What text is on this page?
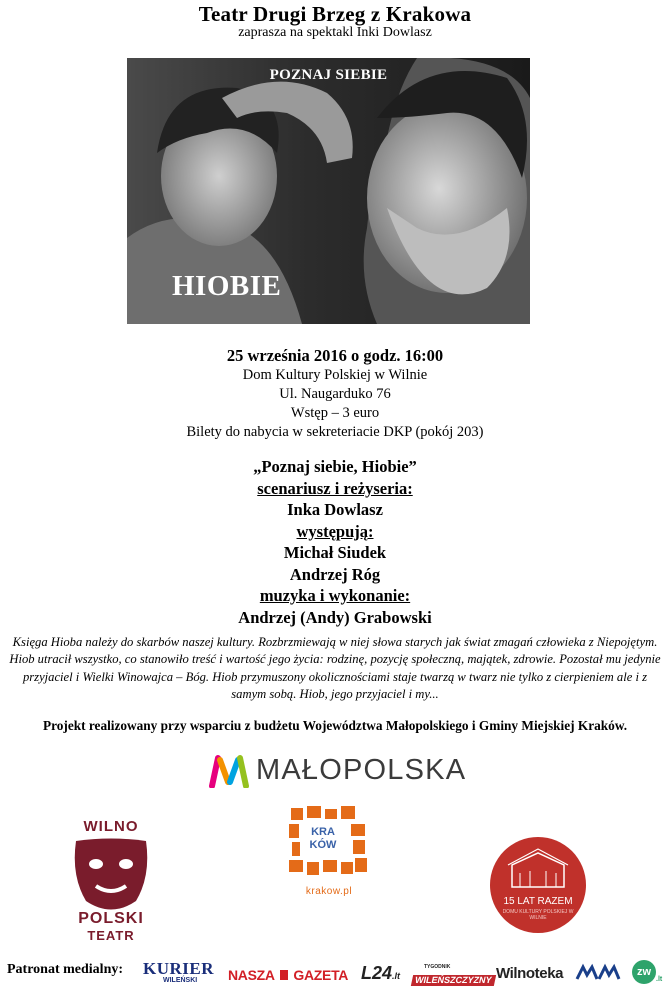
Teatr Drugi Brzeg z Krakowa
zaprasza na spektakl Inki Dowlasz
POZNAJ SIEBIE
HIOBIE
25 września 2016 o godz. 16:00
Dom Kultury Polskiej w Wilnie
Ul. Naugarduko 76
Wstęp – 3 euro
Bilety do nabycia w sekreteriacie DKP (pokój 203)
„Poznaj siebie, Hiobie”
scenariusz i reżyseria:
Inka Dowlasz
występują:
Michał Siudek
Andrzej Róg
muzyka i wykonanie:
Andrzej (Andy) Grabowski
Księga Hioba należy do skarbów naszej kultury. Rozbrzmiewają w niej słowa starych jak świat zmagań człowieka z Niepojętym. Hiob utracił wszystko, co stanowiło treść i wartość jego życia: rodzinę, pozycję społeczną, majątek, zdrowie. Pozostał mu jedynie przyjaciel i Wielki Winowajca – Bóg. Hiob przymuszony okolicznościami staje twarzą w twarz nie tylko z cierpieniem ale i z samym sobą. Hiob, jego przyjaciel i my...
Projekt realizowany przy wsparciu z budżetu Województwa Małopolskiego i Gminy Miejskiej Kraków.
MAŁOPOLSKA
WILNO
POLSKI
TEATR
KRA
KÓW
krakow.pl
15 LAT RAZEM
DOMU KULTURY POLSKIEJ W WILNIE
Patronat medialny: KURIER
WILEŃSKI	NASZA GAZETA L24.lt
TYGODNIK
WILEŃSZCZYZNY Wilnoteka	zw
.lt
